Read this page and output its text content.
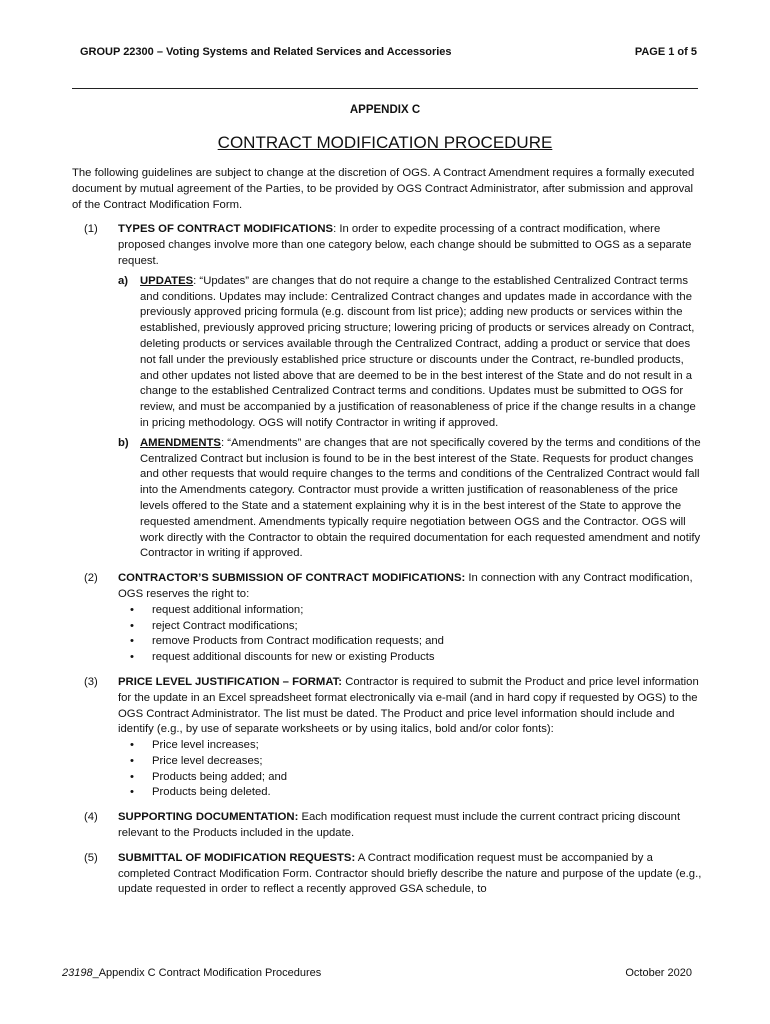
GROUP 22300 – Voting Systems and Related Services and Accessories	PAGE 1 of 5
APPENDIX C
CONTRACT MODIFICATION PROCEDURE

The following guidelines are subject to change at the discretion of OGS. A Contract Amendment requires a formally executed document by mutual agreement of the Parties, to be provided by OGS Contract Administrator, after submission and approval of the Contract Modification Form.

(1) TYPES OF CONTRACT MODIFICATIONS: In order to expedite processing of a contract modification, where proposed changes involve more than one category below, each change should be submitted to OGS as a separate request.

a) UPDATES: “Updates” are changes that do not require a change to the established Centralized Contract terms and conditions. Updates may include: Centralized Contract changes and updates made in accordance with the previously approved pricing formula (e.g. discount from list price); adding new products or services within the established, previously approved pricing structure; lowering pricing of products or services already on Contract, deleting products or services available through the Centralized Contract, adding a product or service that does not fall under the previously established price structure or discounts under the Contract, re-bundled products, and other updates not listed above that are deemed to be in the best interest of the State and do not result in a change to the established Centralized Contract terms and conditions. Updates must be submitted to OGS for review, and must be accompanied by a justification of reasonableness of price if the change results in a change in pricing methodology. OGS will notify Contractor in writing if approved.

b) AMENDMENTS: “Amendments” are changes that are not specifically covered by the terms and conditions of the Centralized Contract but inclusion is found to be in the best interest of the State. Requests for product changes and other requests that would require changes to the terms and conditions of the Centralized Contract would fall into the Amendments category. Contractor must provide a written justification of reasonableness of the price levels offered to the State and a statement explaining why it is in the best interest of the State to approve the requested amendment. Amendments typically require negotiation between OGS and the Contractor. OGS will work directly with the Contractor to obtain the required documentation for each requested amendment and notify Contractor in writing if approved.

(2) CONTRACTOR’S SUBMISSION OF CONTRACT MODIFICATIONS: In connection with any Contract modification, OGS reserves the right to:

• request additional information;
• reject Contract modifications;
• remove Products from Contract modification requests; and
• request additional discounts for new or existing Products
(3) PRICE LEVEL JUSTIFICATION – FORMAT: Contractor is required to submit the Product and price level information for the update in an Excel spreadsheet format electronically via e-mail (and in hard copy if requested by OGS) to the OGS Contract Administrator. The list must be dated. The Product and price level information should include and identify (e.g., by use of separate worksheets or by using italics, bold and/or color fonts):

• Price level increases;
• Price level decreases;
• Products being added; and
• Products being deleted.
(4) SUPPORTING DOCUMENTATION: Each modification request must include the current contract pricing discount relevant to the Products included in the update.

(5) SUBMITTAL OF MODIFICATION REQUESTS: A Contract modification request must be accompanied by a completed Contract Modification Form. Contractor should briefly describe the nature and purpose of the update (e.g., update requested in order to reflect a recently approved GSA schedule, to

23198_Appendix C Contract Modification Procedures	October 2020
